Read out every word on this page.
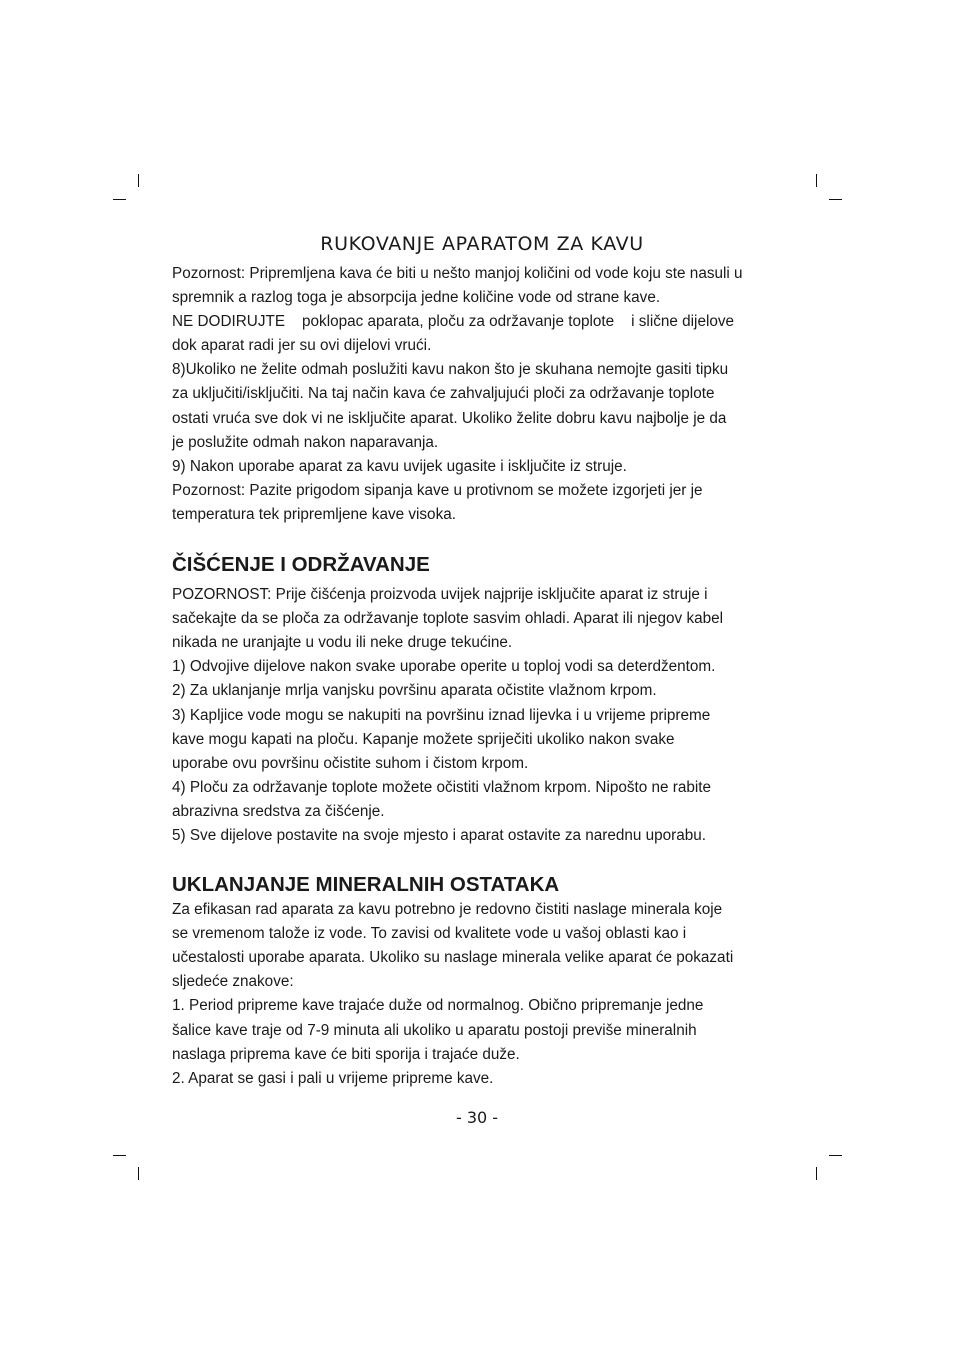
RUKOVANJE APARATOM ZA KAVU

Pozornost: Pripremljena kava će biti u nešto manjoj količini od vode koju ste nasuli u

spremnik a razlog toga je absorpcija jedne količine vode od strane kave.

NE DODIRUJTE    poklopac aparata, ploču za održavanje toplote    i slične dijelove

dok aparat radi jer su ovi dijelovi vrući.

8)Ukoliko ne želite odmah poslužiti kavu nakon što je skuhana nemojte gasiti tipku

za uključiti/isključiti. Na taj način kava će zahvaljujući ploči za održavanje toplote

ostati vruća sve dok vi ne isključite aparat. Ukoliko želite dobru kavu najbolje je da

je poslužite odmah nakon naparavanja.

9) Nakon uporabe aparat za kavu uvijek ugasite i isključite iz struje.

Pozornost: Pazite prigodom sipanja kave u protivnom se možete izgorjeti jer je

temperatura tek pripremljene kave visoka.

ČIŠĆENJE I ODRŽAVANJE

POZORNOST: Prije čišćenja proizvoda uvijek najprije isključite aparat iz struje i

sačekajte da se ploča za održavanje toplote sasvim ohladi. Aparat ili njegov kabel

nikada ne uranjajte u vodu ili neke druge tekućine.

1) Odvojive dijelove nakon svake uporabe operite u toploj vodi sa deterdžentom.

2) Za uklanjanje mrlja vanjsku površinu aparata očistite vlažnom krpom.

3) Kapljice vode mogu se nakupiti na površinu iznad lijevka i u vrijeme pripreme

kave mogu kapati na ploču. Kapanje možete spriječiti ukoliko nakon svake

uporabe ovu površinu očistite suhom i čistom krpom.

4) Ploču za održavanje toplote možete očistiti vlažnom krpom. Nipošto ne rabite

abrazivna sredstva za čišćenje.

5) Sve dijelove postavite na svoje mjesto i aparat ostavite za narednu uporabu.

UKLANJANJE MINERALNIH OSTATAKA

Za efikasan rad aparata za kavu potrebno je redovno čistiti naslage minerala koje

se vremenom talože iz vode. To zavisi od kvalitete vode u vašoj oblasti kao i

učestalosti uporabe aparata. Ukoliko su naslage minerala velike aparat će pokazati

sljedeće znakove:

1. Period pripreme kave trajaće duže od normalnog. Obično pripremanje jedne

šalice kave traje od 7-9 minuta ali ukoliko u aparatu postoji previše mineralnih

naslaga priprema kave će biti sporija i trajaće duže.

2. Aparat se gasi i pali u vrijeme pripreme kave.

- 30 -
